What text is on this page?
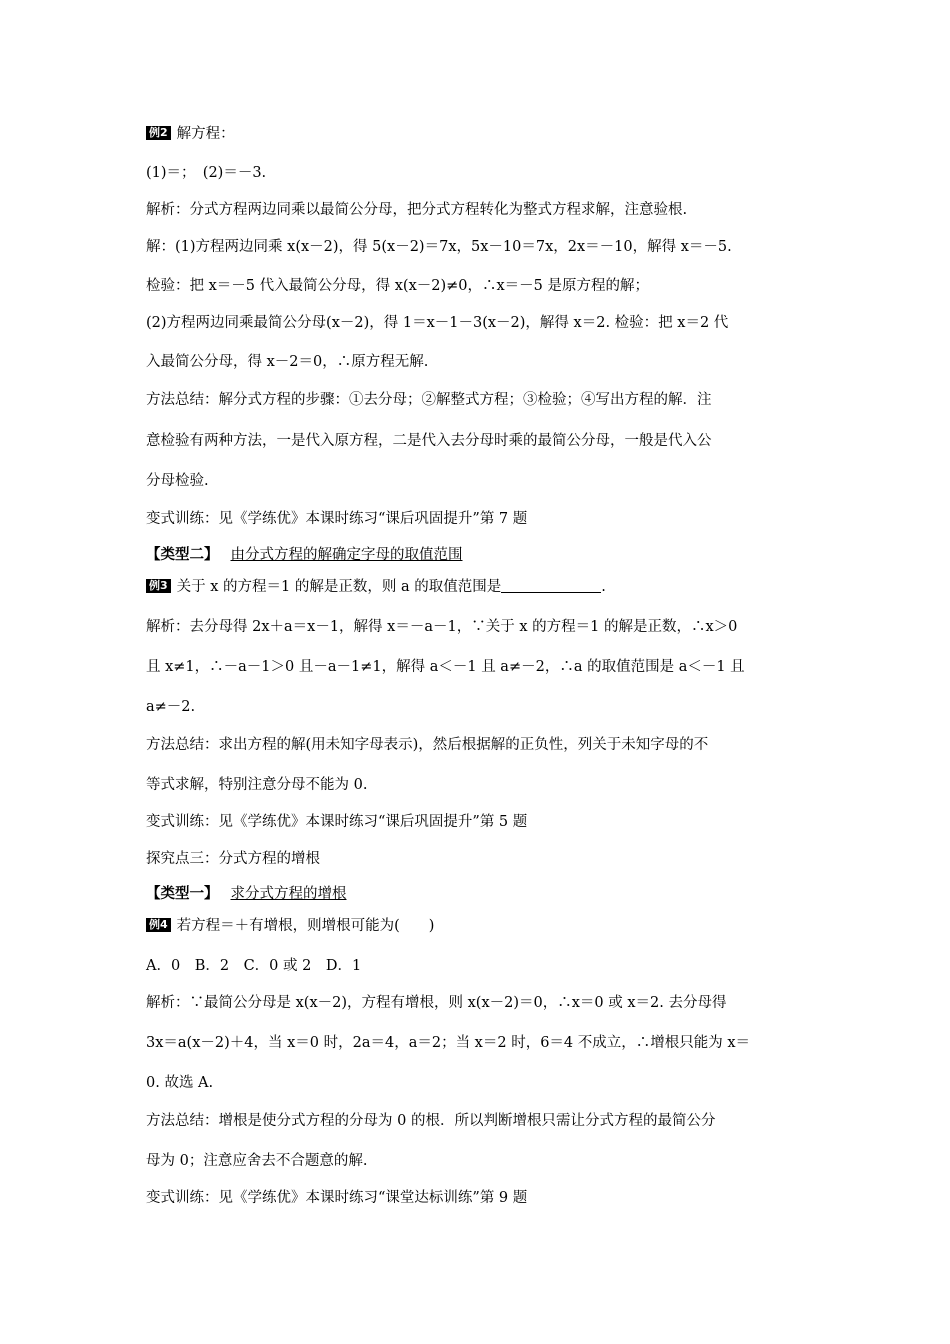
例2 解方程：
(1)＝；　(2)＝－3.
解析：分式方程两边同乘以最简公分母，把分式方程转化为整式方程求解，注意验根.
解：(1)方程两边同乘 x(x－2)，得 5(x－2)＝7x，5x－10＝7x，2x＝－10，解得 x＝－5.
检验：把 x＝－5 代入最简公分母，得 x(x－2)≠0，∴x＝－5 是原方程的解；
(2)方程两边同乘最简公分母(x－2)，得 1＝x－1－3(x－2)，解得 x＝2. 检验：把 x＝2 代
入最简公分母，得 x－2＝0，∴原方程无解.
方法总结：解分式方程的步骤：①去分母；②解整式方程；③检验；④写出方程的解．注
意检验有两种方法，一是代入原方程，二是代入去分母时乘的最简公分母，一般是代入公
分母检验.
变式训练：见《学练优》本课时练习“课后巩固提升”第 7 题
【类型二】 由分式方程的解确定字母的取值范围
例3 关于 x 的方程＝1 的解是正数，则 a 的取值范围是	.
解析：去分母得 2x＋a＝x－1，解得 x＝－a－1，∵关于 x 的方程＝1 的解是正数，∴x＞0
且 x≠1，∴－a－1＞0 且－a－1≠1，解得 a＜－1 且 a≠－2，∴a 的取值范围是 a＜－1 且
a≠－2.
方法总结：求出方程的解(用未知字母表示)，然后根据解的正负性，列关于未知字母的不
等式求解，特别注意分母不能为 0.
变式训练：见《学练优》本课时练习“课后巩固提升”第 5 题
探究点三：分式方程的增根
【类型一】 求分式方程的增根
例4 若方程＝＋有增根，则增根可能为(　　)
A．0　B．2　C．0 或 2　D．1
解析：∵最简公分母是 x(x－2)，方程有增根，则 x(x－2)＝0，∴x＝0 或 x＝2. 去分母得
3x＝a(x－2)＋4，当 x＝0 时，2a＝4，a＝2；当 x＝2 时，6＝4 不成立，∴增根只能为 x＝
0. 故选 A.
方法总结：增根是使分式方程的分母为 0 的根．所以判断增根只需让分式方程的最简公分
母为 0；注意应舍去不合题意的解.
变式训练：见《学练优》本课时练习“课堂达标训练”第 9 题
